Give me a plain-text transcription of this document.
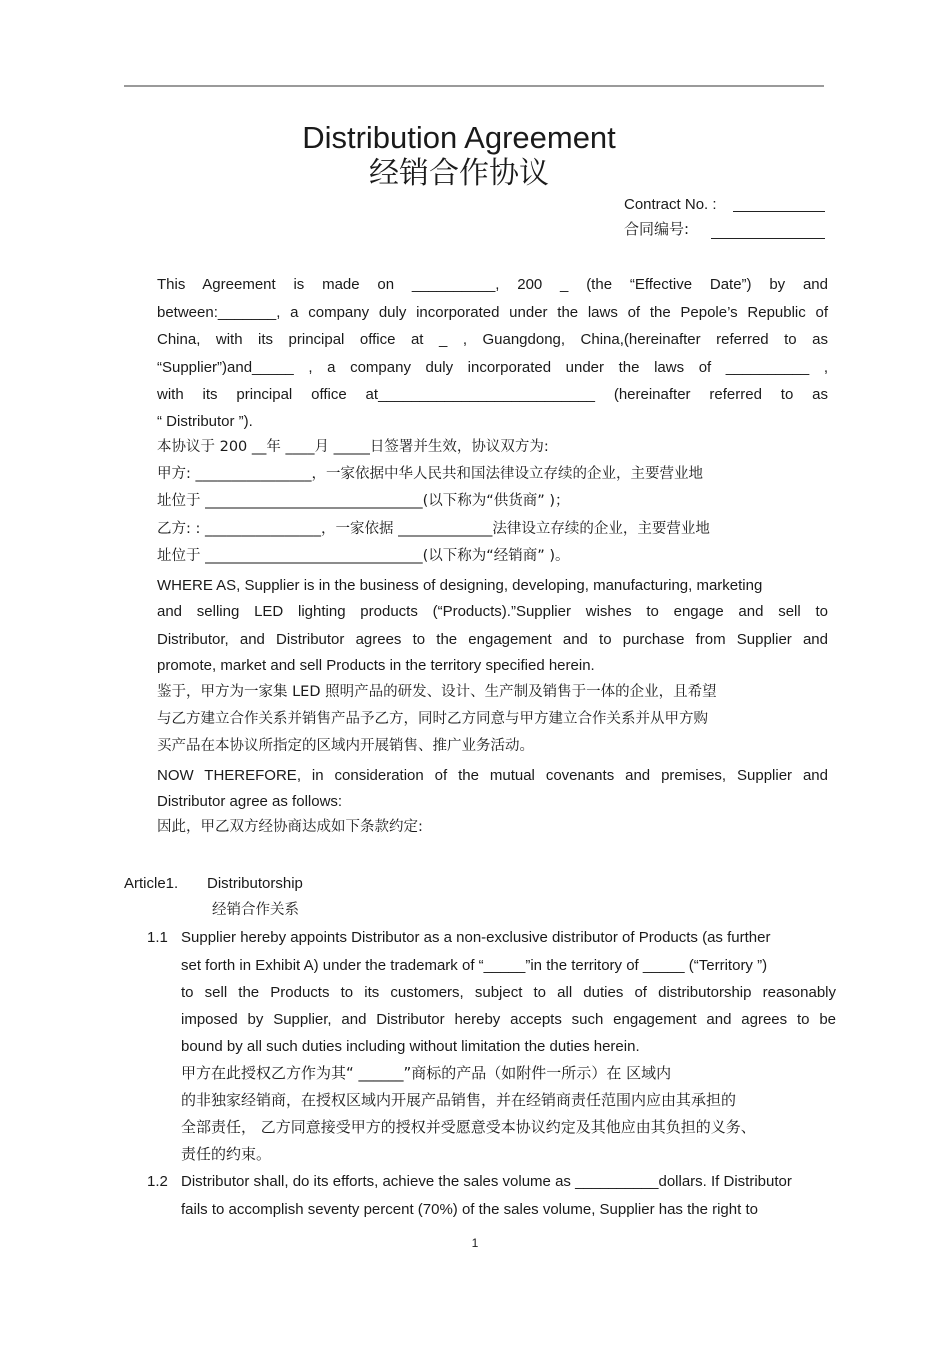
Distribution Agreement
经销合作协议
Contract No. :
合同编号:
This Agreement is made on __________, 200 _ (the “Effective Date”) by and
between:_______, a company duly incorporated under the laws of the Pepole’s Republic of
China, with its principal office at _ , Guangdong, China,(hereinafter referred to as
“Supplier”)and_____ , a company duly incorporated under the laws of __________ ,
with its principal office at__________________________ (hereinafter referred to as
“ Distributor ”).
本协议于 200 __年 ____月 _____日签署并生效，协议双方为:
甲方: ________________，一家依据中华人民共和国法律设立存续的企业，主要营业地
址位于 ______________________________(以下称为“供货商” )；
乙方: : ________________，一家依据 _____________法律设立存续的企业，主要营业地
址位于 ______________________________(以下称为“经销商” )。
WHERE AS, Supplier is in the business of designing, developing, manufacturing, marketing
and selling LED lighting products (“Products).”Supplier wishes to engage and sell to
Distributor, and Distributor agrees to the engagement and to purchase from Supplier and
promote, market and sell Products in the territory specified herein.
鉴于，甲方为一家集 LED 照明产品的研发、设计、生产制及销售于一体的企业，且希望
与乙方建立合作关系并销售产品予乙方，同时乙方同意与甲方建立合作关系并从甲方购
买产品在本协议所指定的区域内开展销售、推广业务活动。
NOW THEREFORE, in consideration of the mutual covenants and premises, Supplier and
Distributor agree as follows:
因此，甲乙双方经协商达成如下条款约定:
Article1. Distributorship
经销合作关系
1.1 Supplier hereby appoints Distributor as a non-exclusive distributor of Products (as further
set forth in Exhibit A) under the trademark of “_____”in the territory of _____ (“Territory ”)
to sell the Products to its customers, subject to all duties of distributorship reasonably
imposed by Supplier, and Distributor hereby accepts such engagement and agrees to be
bound by all such duties including without limitation the duties herein.
甲方在此授权乙方作为其“ ______”商标的产品（如附件一所示）在 区域内
的非独家经销商，在授权区域内开展产品销售，并在经销商责任范围内应由其承担的
全部责任， 乙方同意接受甲方的授权并受愿意受本协议约定及其他应由其负担的义务、
责任的约束。
1.2 Distributor shall, do its efforts, achieve the sales volume as __________dollars. If Distributor
fails to accomplish seventy percent (70%) of the sales volume, Supplier has the right to
1
